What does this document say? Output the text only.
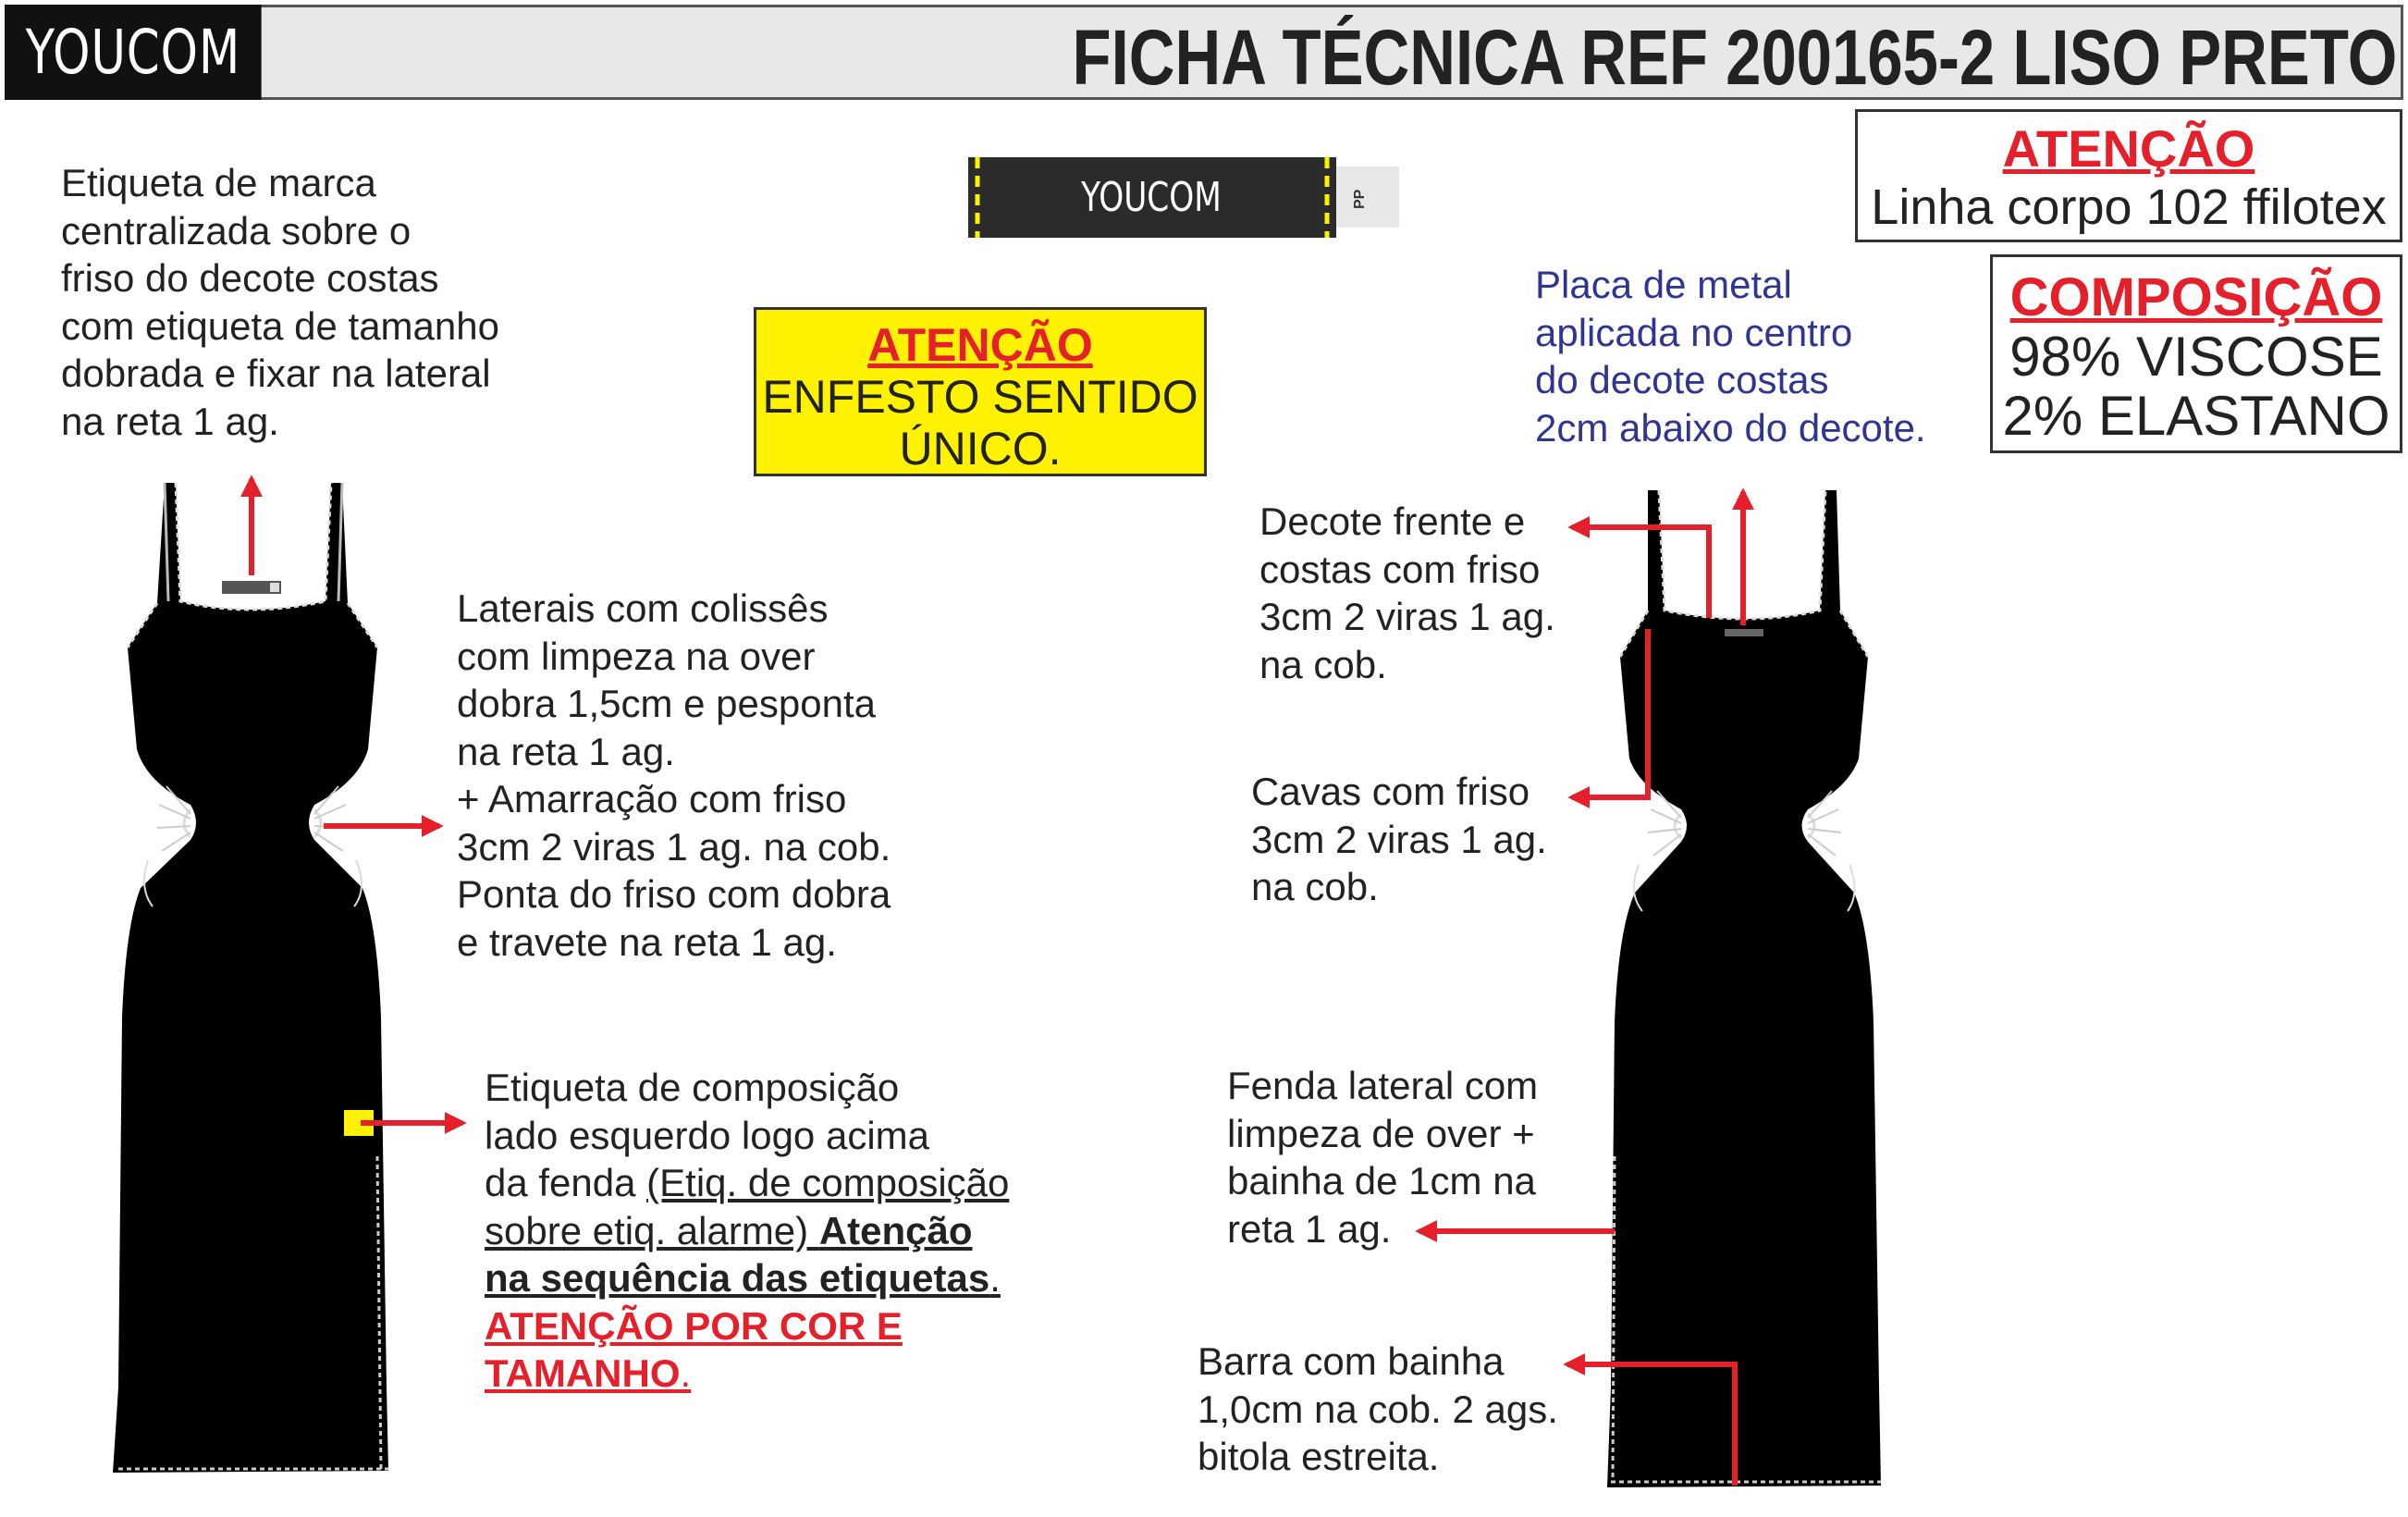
YOUCOM	FICHA TÉCNICA REF 200165-2 LISO PRETO
YOUCOM	PP
ATENÇÃO
ENFESTO SENTIDO
ÚNICO.
ATENÇÃO
Linha corpo 102 ffilotex
COMPOSIÇÃO
98% VISCOSE
2% ELASTANO
Etiqueta de marca
centralizada sobre o
friso do decote costas
com etiqueta de tamanho
dobrada e fixar na lateral
na reta 1 ag.
Laterais com colissês
com limpeza na over
dobra 1,5cm e pesponta
na reta 1 ag.
+ Amarração com friso
3cm 2 viras 1 ag. na cob.
Ponta do friso com dobra
e travete na reta 1 ag.
Etiqueta de composição
lado esquerdo logo acima
da fenda (Etiq. de composição
sobre etiq. alarme) Atenção
na sequência das etiquetas.
ATENÇÃO POR COR E
TAMANHO.
Placa de metal
aplicada no centro
do decote costas
2cm abaixo do decote.
Decote frente e
costas com friso
3cm 2 viras 1 ag.
na cob.
Cavas com friso
3cm 2 viras 1 ag.
na cob.
Fenda lateral com
limpeza de over +
bainha de 1cm na
reta 1 ag.
Barra com bainha
1,0cm na cob. 2 ags.
bitola estreita.
